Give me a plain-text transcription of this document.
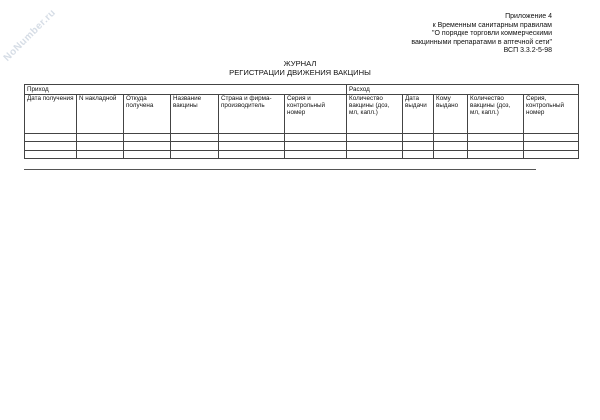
NoNumber.ru	Приложение 4
к Временным санитарным правилам
"О порядке торговли коммерческими
вакцинными препаратами в аптечной сети"
ВСП 3.3.2-5-98
ЖУРНАЛ
РЕГИСТРАЦИИ ДВИЖЕНИЯ ВАКЦИНЫ
Приход						Расход				
Дата получения	N накладной	Откуда получена	Название вакцины	Страна и фирма-производитель	Серия и контрольный номер	Количество вакцины (доз, мл, капл.)	Дата выдачи	Кому выдано	Количество вакцины (доз, мл, капл.)	Серия, контрольный номер
